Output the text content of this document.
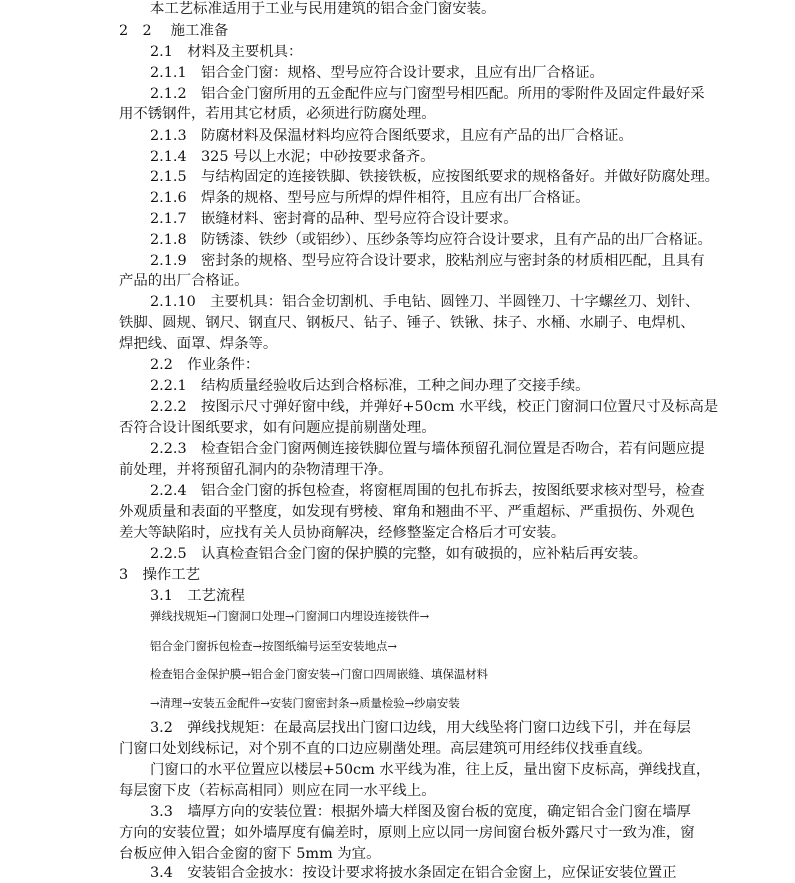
本工艺标准适用于工业与民用建筑的铝合金门窗安装。
2　2　 施工准备
2.1　材料及主要机具：
2.1.1　铝合金门窗：规格、型号应符合设计要求，且应有出厂合格证。
2.1.2　铝合金门窗所用的五金配件应与门窗型号相匹配。所用的零附件及固定件最好采
用不锈钢件，若用其它材质，必须进行防腐处理。
2.1.3　防腐材料及保温材料均应符合图纸要求，且应有产品的出厂合格证。
2.1.4　325 号以上水泥；中砂按要求备齐。
2.1.5　与结构固定的连接铁脚、铁接铁板，应按图纸要求的规格备好。并做好防腐处理。
2.1.6　焊条的规格、型号应与所焊的焊件相符，且应有出厂合格证。
2.1.7　嵌缝材料、密封膏的品种、型号应符合设计要求。
2.1.8　防锈漆、铁纱（或铝纱）、压纱条等均应符合设计要求，且有产品的出厂合格证。
2.1.9　密封条的规格、型号应符合设计要求，胶粘剂应与密封条的材质相匹配，且具有
产品的出厂合格证。
2.1.10　主要机具：铝合金切割机、手电钻、圆锉刀、半圆锉刀、十字螺丝刀、划针、
铁脚、圆规、钢尺、钢直尺、钢板尺、钻子、锤子、铁锹、抹子、水桶、水刷子、电焊机、
焊把线、面罩、焊条等。
2.2　作业条件：
2.2.1　结构质量经验收后达到合格标准，工种之间办理了交接手续。
2.2.2　按图示尺寸弹好窗中线，并弹好+50cm 水平线，校正门窗洞口位置尺寸及标高是
否符合设计图纸要求，如有问题应提前剔凿处理。
2.2.3　检查铝合金门窗两侧连接铁脚位置与墙体预留孔洞位置是否吻合，若有问题应提
前处理，并将预留孔洞内的杂物清理干净。
2.2.4　铝合金门窗的拆包检查，将窗框周围的包扎布拆去，按图纸要求核对型号，检查
外观质量和表面的平整度，如发现有劈棱、窜角和翘曲不平、严重超标、严重损伤、外观色
差大等缺陷时，应找有关人员协商解决，经修整鉴定合格后才可安装。
2.2.5　认真检查铝合金门窗的保护膜的完整，如有破损的，应补粘后再安装。
3　操作工艺
3.1　工艺流程
弹线找规矩→门窗洞口处理→门窗洞口内埋设连接铁件→
铝合金门窗拆包检查→按图纸编号运至安装地点→
检查铝合金保护膜→铝合金门窗安装→门窗口四周嵌缝、填保温材料
→清理→安装五金配件→安装门窗密封条→质量检验→纱扇安装
3.2　弹线找规矩：在最高层找出门窗口边线，用大线坠将门窗口边线下引，并在每层
门窗口处划线标记，对个别不直的口边应剔凿处理。高层建筑可用经纬仪找垂直线。
门窗口的水平位置应以楼层+50cm 水平线为准，往上反，量出窗下皮标高，弹线找直，
每层窗下皮（若标高相同）则应在同一水平线上。
3.3　墙厚方向的安装位置：根据外墙大样图及窗台板的宽度，确定铝合金门窗在墙厚
方向的安装位置；如外墙厚度有偏差时，原则上应以同一房间窗台板外露尺寸一致为准，窗
台板应伸入铝合金窗的窗下 5mm 为宜。
3.4　安装铝合金披水：按设计要求将披水条固定在铝合金窗上，应保证安装位置正
